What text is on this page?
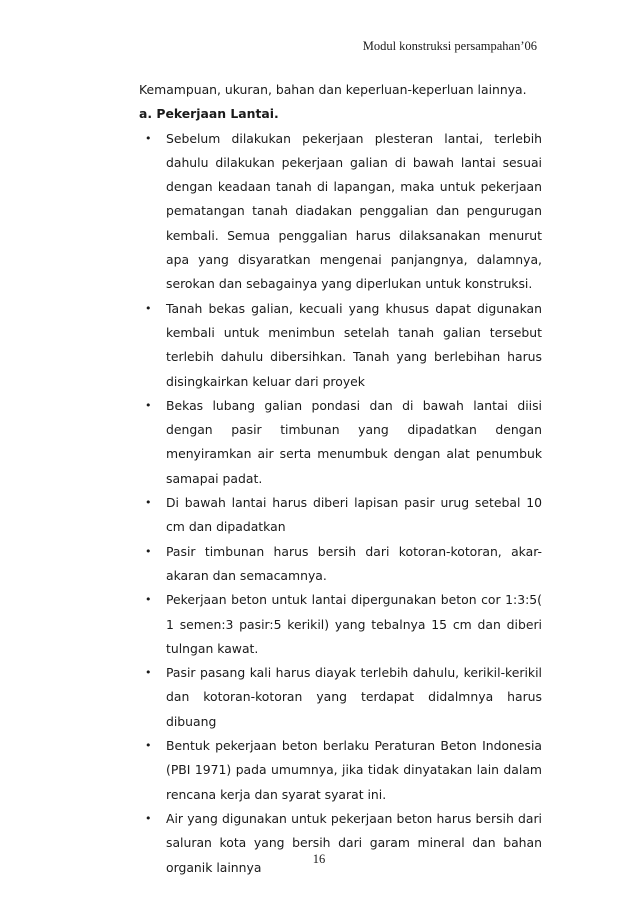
Modul konstruksi persampahan’06

Kemampuan, ukuran, bahan dan keperluan-keperluan lainnya.

a. Pekerjaan Lantai.

• Sebelum dilakukan pekerjaan plesteran lantai, terlebih dahulu dilakukan pekerjaan galian di bawah lantai sesuai dengan keadaan tanah di lapangan, maka untuk pekerjaan pematangan tanah diadakan penggalian dan pengurugan kembali. Semua penggalian harus dilaksanakan menurut apa yang disyaratkan mengenai panjangnya, dalamnya, serokan dan sebagainya yang diperlukan untuk konstruksi.
• Tanah bekas galian, kecuali yang khusus dapat digunakan kembali untuk menimbun setelah tanah galian tersebut terlebih dahulu dibersihkan. Tanah yang berlebihan harus disingkairkan keluar dari proyek
• Bekas lubang galian pondasi dan di bawah lantai diisi dengan pasir timbunan yang dipadatkan dengan menyiramkan air serta menumbuk dengan alat penumbuk samapai padat.
• Di bawah lantai harus diberi lapisan pasir urug setebal 10 cm dan dipadatkan
• Pasir timbunan harus bersih dari kotoran-kotoran, akar-akaran dan semacamnya.
• Pekerjaan beton untuk lantai dipergunakan beton cor 1:3:5( 1 semen:3 pasir:5 kerikil) yang tebalnya 15 cm dan diberi tulngan kawat.
• Pasir pasang kali harus diayak terlebih dahulu, kerikil-kerikil dan kotoran-kotoran yang terdapat didalmnya harus dibuang
• Bentuk pekerjaan beton berlaku Peraturan Beton Indonesia (PBI 1971) pada umumnya, jika tidak dinyatakan lain dalam rencana kerja dan syarat syarat ini.
• Air yang digunakan untuk pekerjaan beton harus bersih dari saluran kota yang bersih dari garam mineral dan bahan organik lainnya
16
